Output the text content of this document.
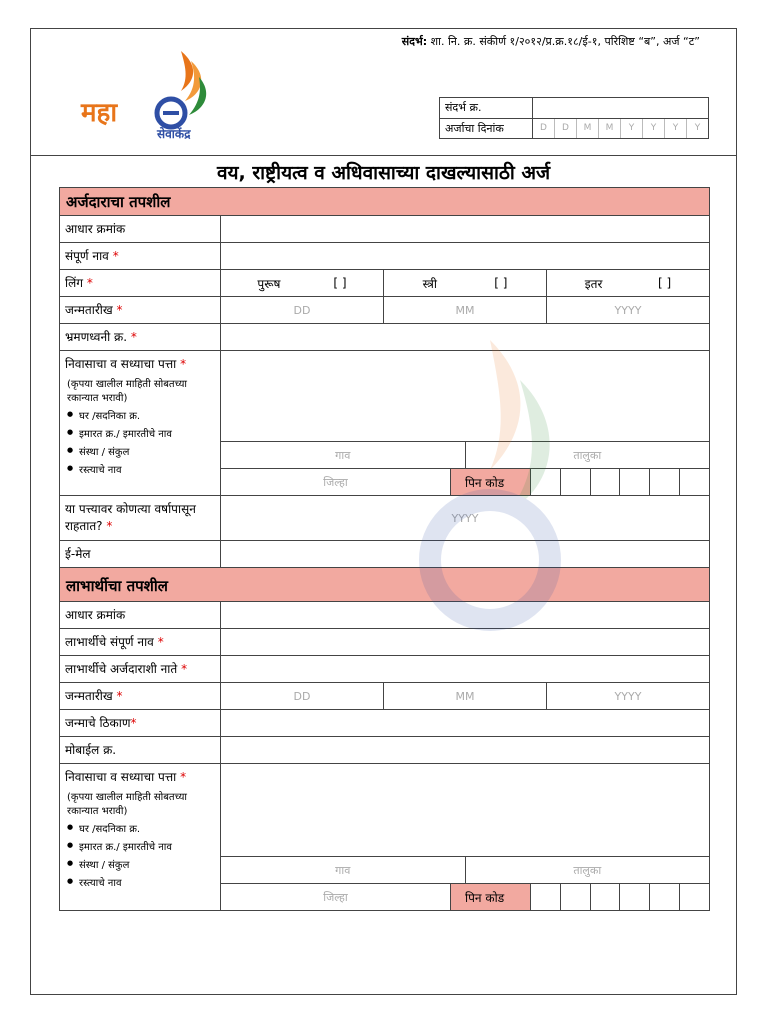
संदर्भ: शा. नि. क्र. संकीर्ण १/२०१२/प्र.क्र.१८/ई-१, परिशिष्ट “ब”, अर्ज “ट”
महा
सेवाकेंद्र
संदर्भ क्र.
अर्जाचा दिनांक	D	D	M	M	Y	Y	Y	Y
वय, राष्ट्रीयत्व व अधिवासाच्या दाखल्यासाठी अर्ज
अर्जदाराचा तपशील
आधार क्रमांक
संपूर्ण नाव *
लिंग *	पुरूष	[ ]	स्त्री	[ ]	इतर	[ ]
जन्मतारीख *	DD	MM	YYYY
भ्रमणध्वनी क्र. *
निवासाचा व सध्याचा पत्ता *
(कृपया खालील माहिती सोबतच्या रकान्यात भरावी)
● घर /सदनिका क्र.
● इमारत क्र./ इमारतीचे नाव
● संस्था / संकुल
● रस्त्याचे नाव
गाव	तालुका
जिल्हा	पिन कोड
या पत्त्यावर कोणत्या वर्षापासून राहतात? *
YYYY
ई-मेल
लाभार्थीचा तपशील
आधार क्रमांक
लाभार्थीचे संपूर्ण नाव *
लाभार्थीचे अर्जदाराशी नाते *
जन्मतारीख *	DD	MM	YYYY
जन्माचे ठिकाण*
मोबाईल क्र.
निवासाचा व सध्याचा पत्ता *
(कृपया खालील माहिती सोबतच्या रकान्यात भरावी)
● घर /सदनिका क्र.
● इमारत क्र./ इमारतीचे नाव
● संस्था / संकुल
● रस्त्याचे नाव
गाव	तालुका
जिल्हा	पिन कोड
